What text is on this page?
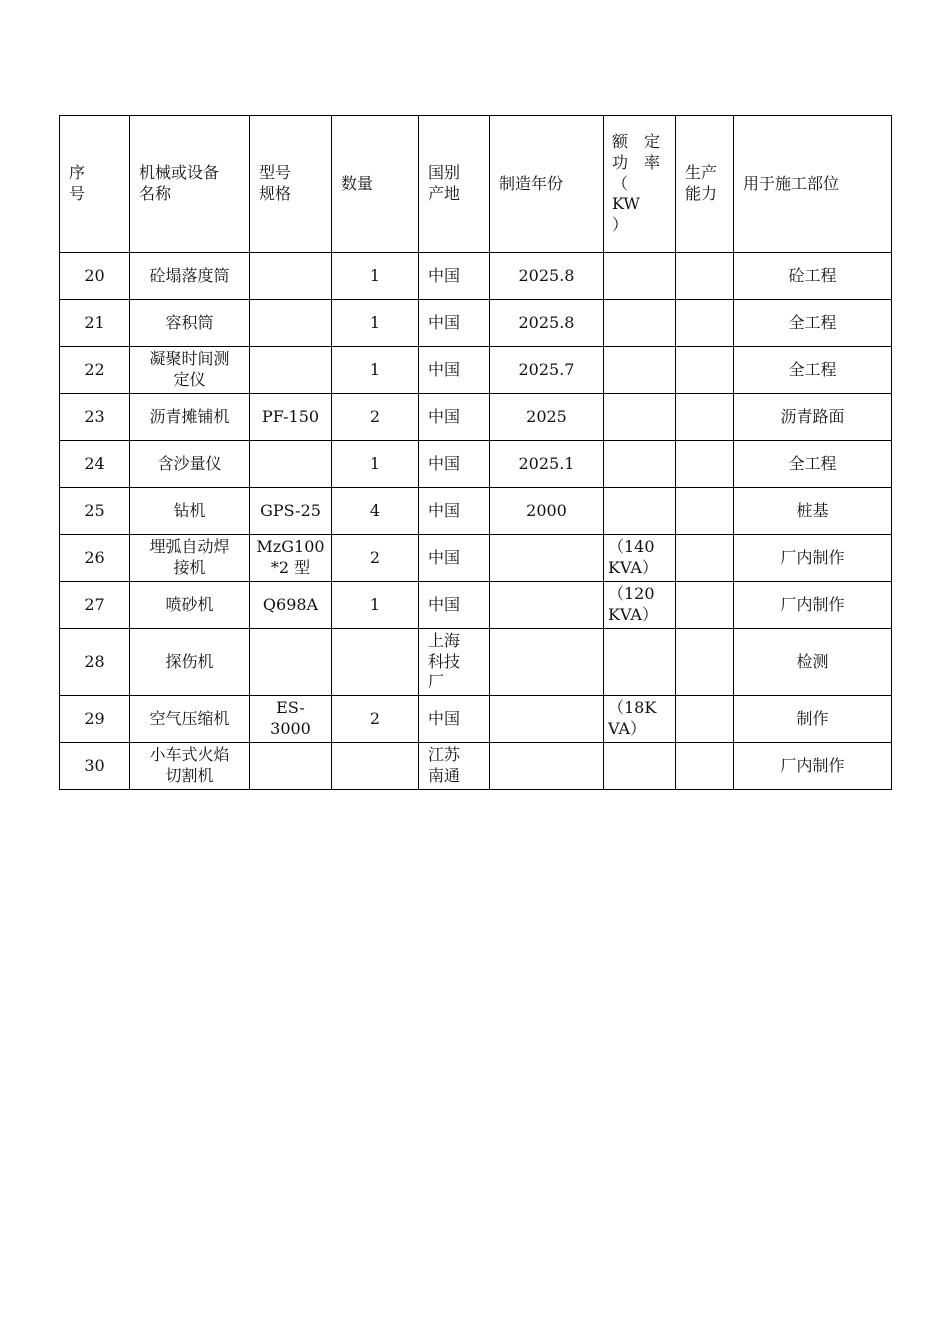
序
号	机械或设备
名称	型号
规格	数量	国别
产地	制造年份	额　定
功　率
（　KW
）	生产
能力	用于施工部位
20	砼塌落度筒		1	中国	2025.8			砼工程
21	容积筒		1	中国	2025.8			全工程
22	凝聚时间测
定仪		1	中国	2025.7			全工程
23	沥青摊铺机	PF-150	2	中国	2025			沥青路面
24	含沙量仪		1	中国	2025.1			全工程
25	钻机	GPS-25	4	中国	2000			桩基
26	埋弧自动焊
接机	MzG100
*2 型	2	中国		（140
KVA）		厂内制作
27	喷砂机	Q698A	1	中国		（120
KVA）		厂内制作
28	探伤机			上海
科技
厂				检测
29	空气压缩机	ES-
3000	2	中国		（18K
VA）		制作
30	小车式火焰
切割机			江苏
南通				厂内制作
